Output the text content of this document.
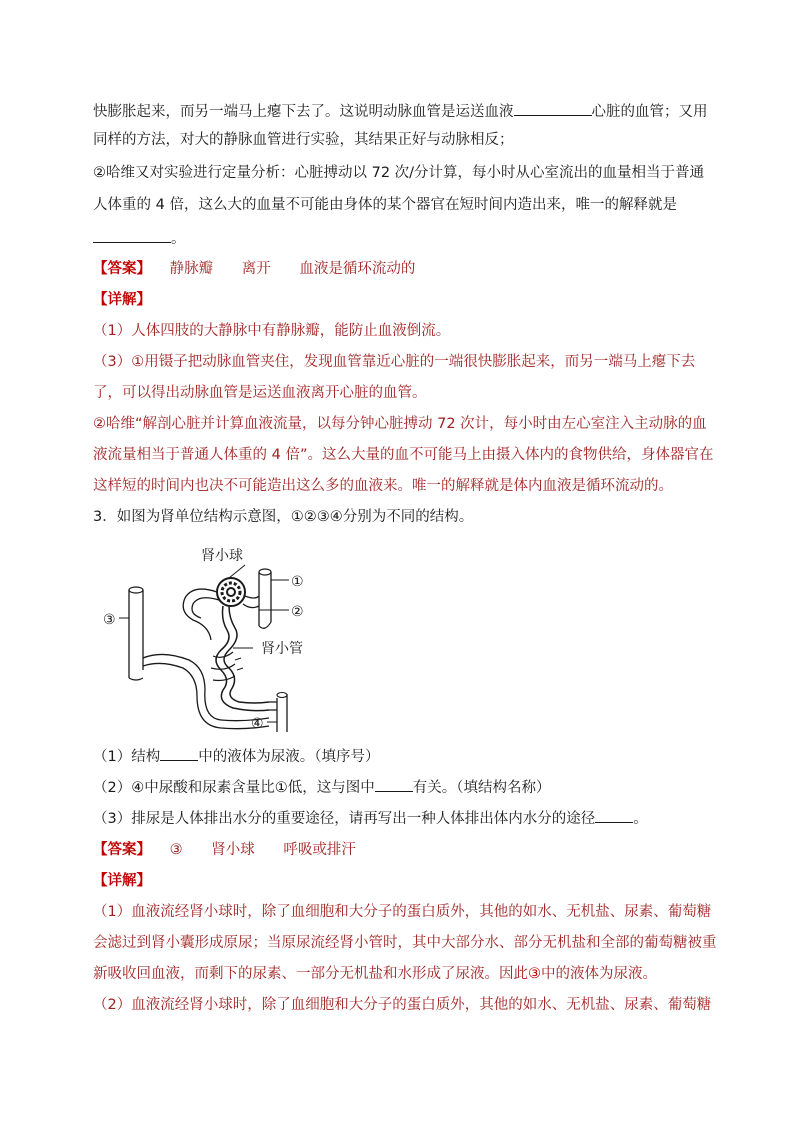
快膨胀起来，而另一端马上瘪下去了。这说明动脉血管是运送血液	心脏的血管；又用
同样的方法，对大的静脉血管进行实验，其结果正好与动脉相反；
②哈维又对实验进行定量分析：心脏搏动以 72 次/分计算，每小时从心室流出的血量相当于普通
人体重的 4 倍，这么大的血量不可能由身体的某个器官在短时间内造出来，唯一的解释就是
。
【答案】 静脉瓣 离开 血液是循环流动的
【详解】
（1）人体四肢的大静脉中有静脉瓣，能防止血液倒流。
（3）①用镊子把动脉血管夹住，发现血管靠近心脏的一端很快膨胀起来，而另一端马上瘪下去
了，可以得出动脉血管是运送血液离开心脏的血管。
②哈维“解剖心脏并计算血液流量，以每分钟心脏搏动 72 次计，每小时由左心室注入主动脉的血
液流量相当于普通人体重的 4 倍”。这么大量的血不可能马上由摄入体内的食物供给，身体器官在
这样短的时间内也决不可能造出这么多的血液来。唯一的解释就是体内血液是循环流动的。
3．如图为肾单位结构示意图，①②③④分别为不同的结构。
肾小球
肾小管
①
②
③
④
（1）结构	中的液体为尿液。（填序号）
（2）④中尿酸和尿素含量比①低，这与图中	有关。（填结构名称）
（3）排尿是人体排出水分的重要途径，请再写出一种人体排出体内水分的途径	。
【答案】 ③ 肾小球 呼吸或排汗
【详解】
（1）血液流经肾小球时，除了血细胞和大分子的蛋白质外，其他的如水、无机盐、尿素、葡萄糖
会滤过到肾小囊形成原尿；当原尿流经肾小管时，其中大部分水、部分无机盐和全部的葡萄糖被重
新吸收回血液，而剩下的尿素、一部分无机盐和水形成了尿液。因此③中的液体为尿液。
（2）血液流经肾小球时，除了血细胞和大分子的蛋白质外，其他的如水、无机盐、尿素、葡萄糖
